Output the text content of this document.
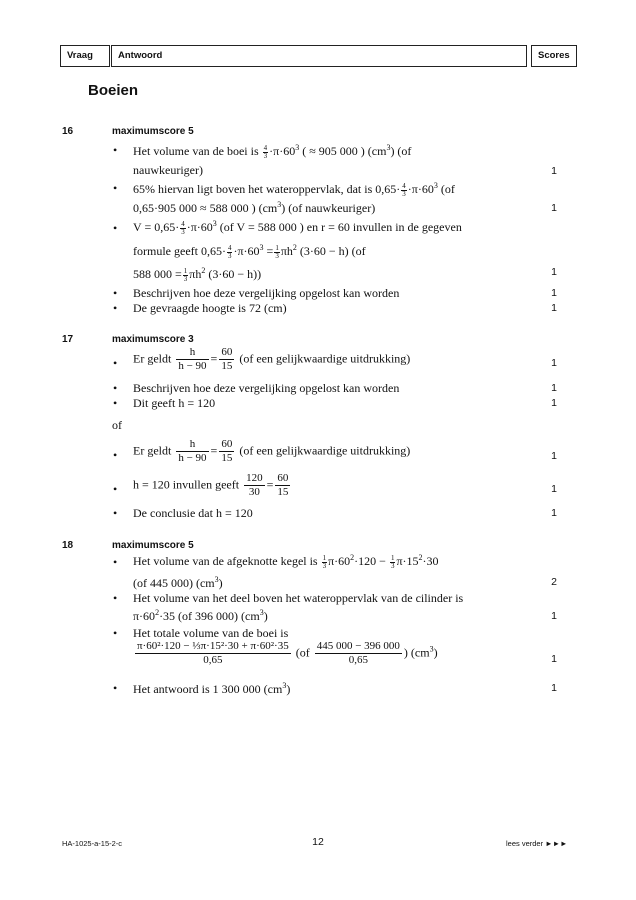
Vraag	Antwoord	Scores
Boeien
16	maximumscore 5
• Het volume van de boei is $\frac{4}{3} \cdot\pi\cdot 60^3$ ( ≈ 905 000 ) $(cm^3)$ (of
nauwkeuriger)	1
• 65% hiervan ligt boven het wateroppervlak, dat is $0,65\cdot \frac{4}{3} \cdot\pi\cdot 60^3$ (of
0,65·905 000 ≈ 588 000 ) $(cm^3)$ (of nauwkeuriger)	1
• $V = 0,65\cdot \frac{4}{3} \cdot\pi\cdot 60^3$ (of V = 588 000 ) en r = 60 invullen in de gegeven
formule geeft $0,65\cdot \frac{4}{3} \cdot\pi\cdot 60^3 = \frac{1}{3} \pi h^2$ (3·60 − h) (of
588 $000 = \frac{1}{3} \pi h^2$ (3·60 − h))	1
• Beschrijven hoe deze vergelijking opgelost kan worden	1
• De gevraagde hoogte is 72 (cm)	1
17	maximumscore 3
• Er geldt $\frac{h}{h - 90} = \frac{60}{15} (of$ een gelijkwaardige uitdrukking)	1
• Beschrijven hoe deze vergelijking opgelost kan worden	1
• Dit geeft h = 120	1
of
• Er geldt $\frac{h}{h - 90} = \frac{60}{15} (of$ een gelijkwaardige uitdrukking)	1
• h = 120 invullen geeft $\frac{120}{30} = \frac{60}{15}$	1
• De conclusie dat h = 120	1
18	maximumscore 5
• Het volume van de afgeknotte kegel is $\frac{1}{3} \pi\cdot 60^2\cdot 120 - \frac{1}{3} \pi\cdot 15^2\cdot 30$
(of 445 000) $(cm^3)$	2
• Het volume van het deel boven het wateroppervlak van de cilinder is
$\pi\cdot 60^2\cdot 35$ (of 396 000) $(cm^3)$	1
• Het totale volume van de boei is
$\frac{\text{π·60²·120 − ⅓π·15²·30 + π·60²·35}}{0,65} (of \frac{445 000 - 396 000}{0,65}$ ) $(cm^3)$	1
• Het antwoord is 1 300 000 $(cm^3)$	1
HA-1025-a-15-2-c	12	lees verder ►►►
